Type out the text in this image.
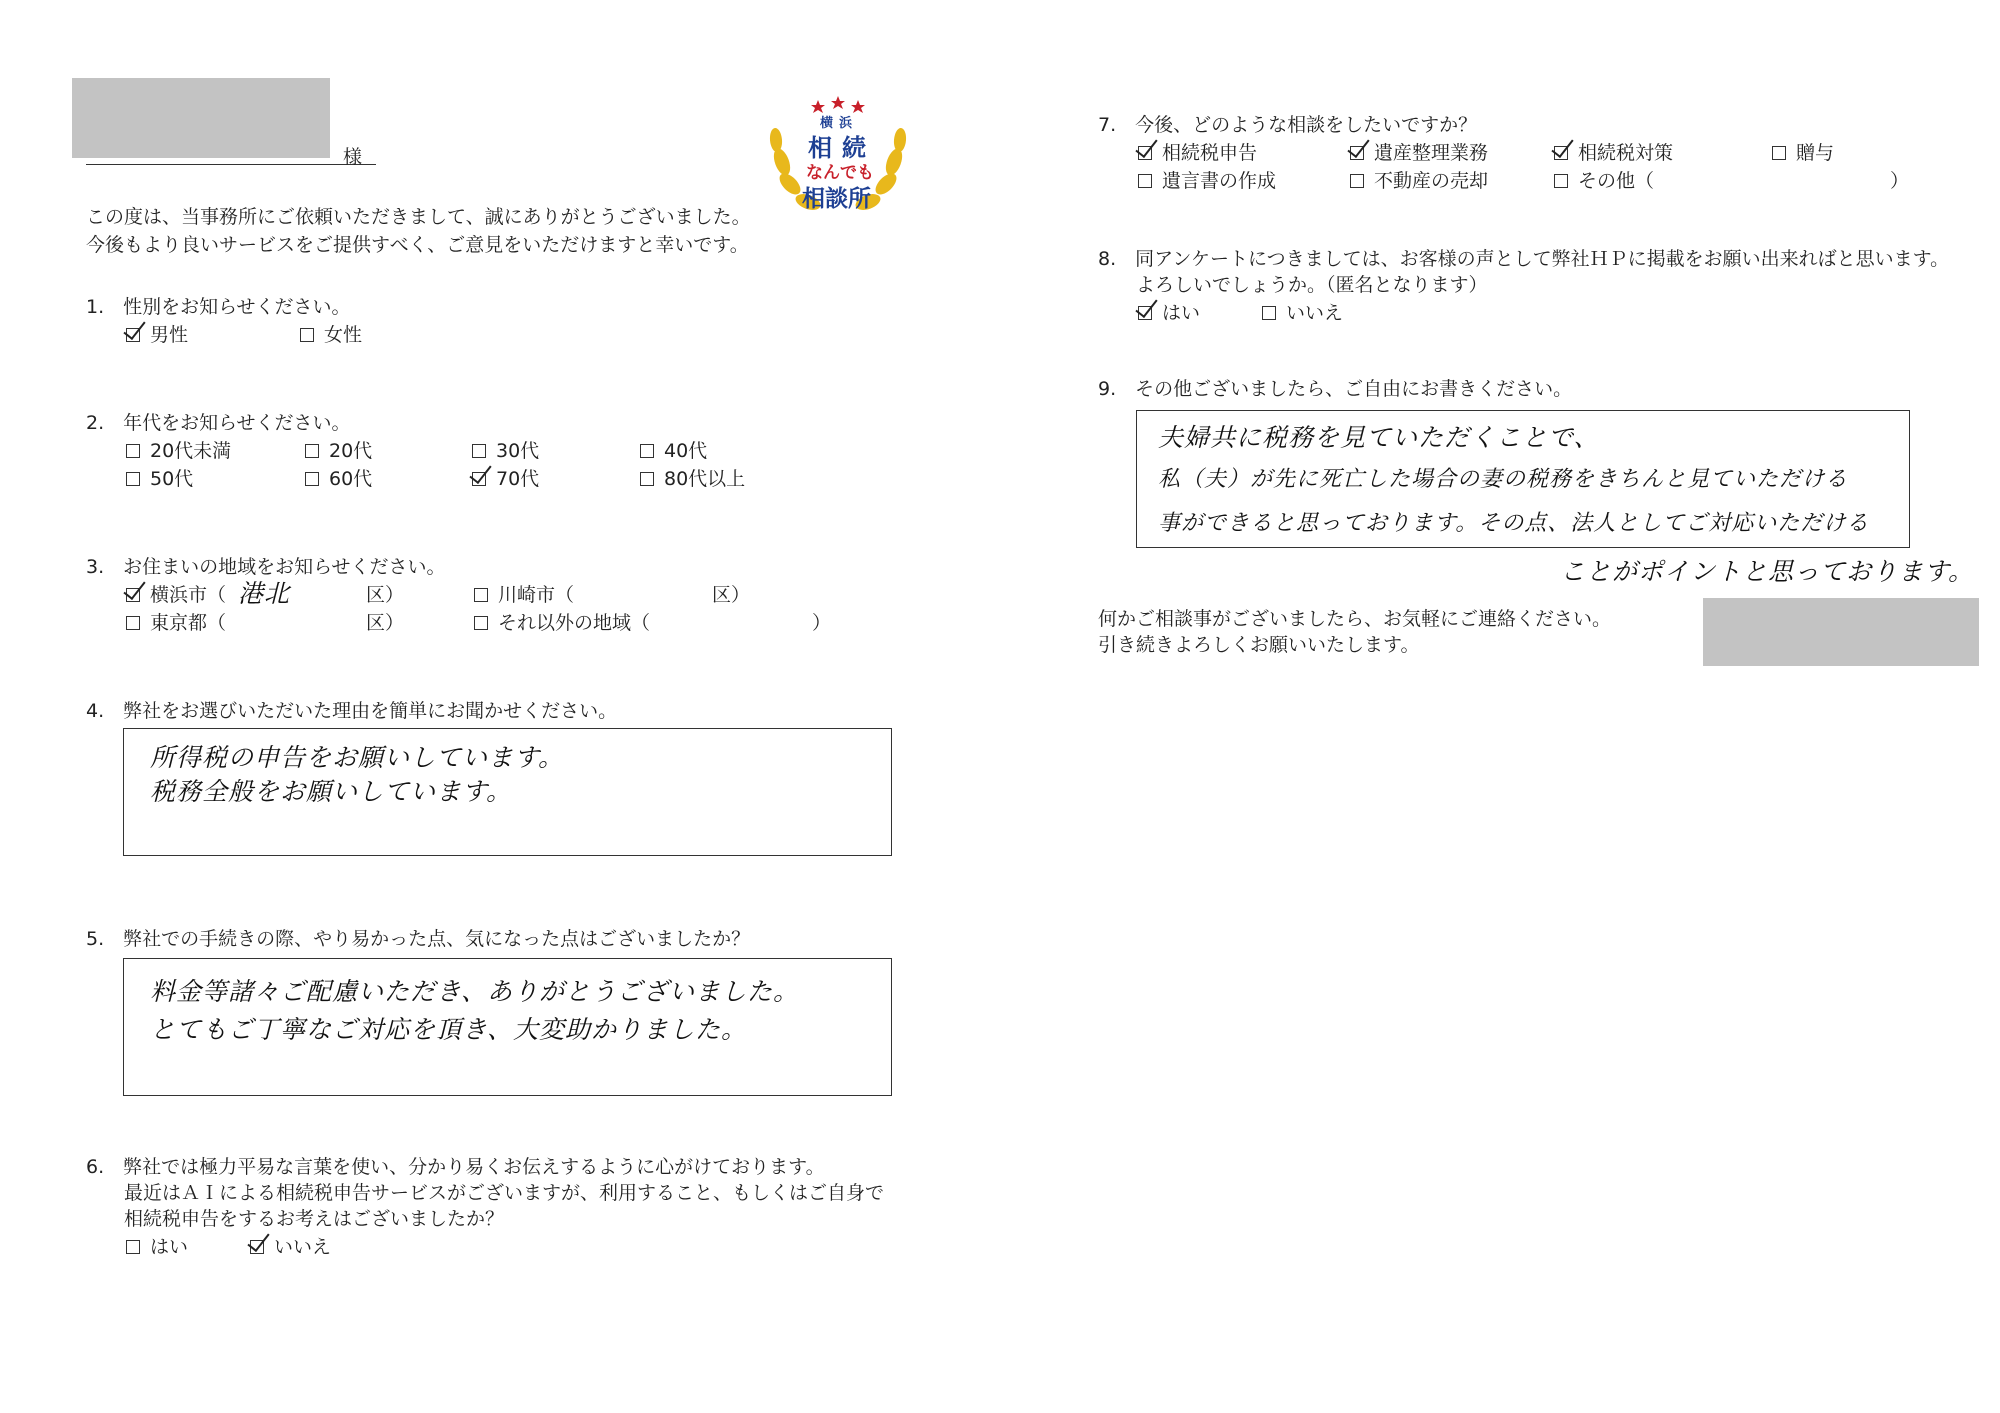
様
この度は、当事務所にご依頼いただきまして、誠にありがとうございました。
今後もより良いサービスをご提供すべく、ご意見をいただけますと幸いです。
横浜
相続
なんでも
相談所
1.　性別をお知らせください。
男性	女性
2.　年代をお知らせください。
20代未満	20代	30代	40代
50代	60代	70代	80代以上
3.　お住まいの地域をお知らせください。
横浜市（ 港北	区）	川崎市（	区）
東京都（	区）	それ以外の地域（	）
4.　弊社をお選びいただいた理由を簡単にお聞かせください。
所得税の申告をお願いしています。
税務全般をお願いしています。
5.　弊社での手続きの際、やり易かった点、気になった点はございましたか？
料金等諸々ご配慮いただき、ありがとうございました。
とてもご丁寧なご対応を頂き、大変助かりました。
6.　弊社では極力平易な言葉を使い、分かり易くお伝えするように心がけております。
最近はＡＩによる相続税申告サービスがございますが、利用すること、もしくはご自身で
相続税申告をするお考えはございましたか？
はい	いいえ
7.　今後、どのような相談をしたいですか？
相続税申告	遺産整理業務	相続税対策	贈与
遺言書の作成	不動産の売却	その他（	）
8.　同アンケートにつきましては、お客様の声として弊社ＨＰに掲載をお願い出来ればと思います。
よろしいでしょうか。（匿名となります）
はい	いいえ
9.　その他ございましたら、ご自由にお書きください。
夫婦共に税務を見ていただくことで、
私（夫）が先に死亡した場合の妻の税務をきちんと見ていただける
事ができると思っております。その点、法人としてご対応いただける
ことがポイントと思っております。
何かご相談事がございましたら、お気軽にご連絡ください。
引き続きよろしくお願いいたします。
